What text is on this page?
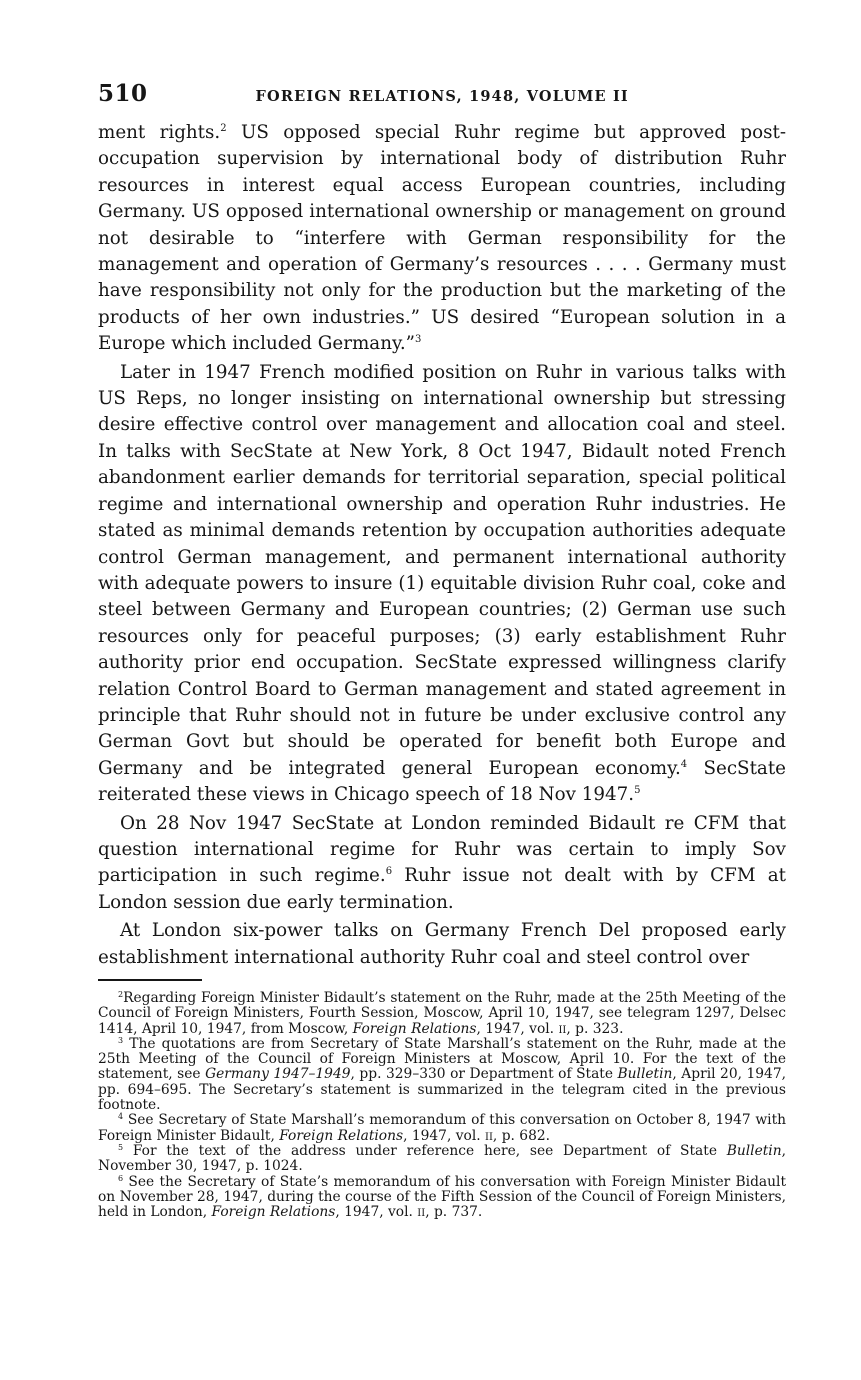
510	FOREIGN RELATIONS, 1948, VOLUME II

ment rights.$^2$ US opposed special Ruhr regime but approved post-occupation supervision by international body of distribution Ruhr resources in interest equal access European countries, including Germany. US opposed international ownership or management on ground not desirable to “interfere with German responsibility for the management and operation of Germany’s resources . . . . Germany must have responsibility not only for the production but the marketing of the products of her own industries.” US desired “European solution in a Europe which included Germany.”$^3$

Later in 1947 French modified position on Ruhr in various talks with US Reps, no longer insisting on international ownership but stressing desire effective control over management and allocation coal and steel. In talks with SecState at New York, 8 Oct 1947, Bidault noted French abandonment earlier demands for territorial separation, special political regime and international ownership and operation Ruhr industries. He stated as minimal demands retention by occupation authorities adequate control German management, and permanent international authority with adequate powers to insure (1) equitable division Ruhr coal, coke and steel between Germany and European countries; (2) German use such resources only for peaceful purposes; (3) early establishment Ruhr authority prior end occupation. SecState expressed willingness clarify relation Control Board to German management and stated agreement in principle that Ruhr should not in future be under exclusive control any German Govt but should be operated for benefit both Europe and Germany and be integrated general European economy.$^4$ SecState reiterated these views in Chicago speech of 18 Nov 1947.$^5$

On 28 Nov 1947 SecState at London reminded Bidault re CFM that question international regime for Ruhr was certain to imply Sov participation in such regime.$^6$ Ruhr issue not dealt with by CFM at London session due early termination.

At London six-power talks on Germany French Del proposed early establishment international authority Ruhr coal and steel control over

$^2$Regarding Foreign Minister Bidault’s statement on the Ruhr, made at the 25th Meeting of the Council of Foreign Ministers, Fourth Session, Moscow, April 10, 1947, see telegram 1297, Delsec 1414, April 10, 1947, from Moscow, Foreign Relations, 1947, vol. ii, p. 323.

$^3$ The quotations are from Secretary of State Marshall’s statement on the Ruhr, made at the 25th Meeting of the Council of Foreign Ministers at Moscow, April 10. For the text of the statement, see Germany 1947–1949, pp. 329–330 or Department of State Bulletin, April 20, 1947, pp. 694–695. The Secretary’s statement is summarized in the telegram cited in the previous footnote.

$^4$ See Secretary of State Marshall’s memorandum of this conversation on October 8, 1947 with Foreign Minister Bidault, Foreign Relations, 1947, vol. ii, p. 682.

$^5$ For the text of the address under reference here, see Department of State Bulletin, November 30, 1947, p. 1024.

$^6$ See the Secretary of State’s memorandum of his conversation with Foreign Minister Bidault on November 28, 1947, during the course of the Fifth Session of the Council of Foreign Ministers, held in London, Foreign Relations, 1947, vol. ii, p. 737.
